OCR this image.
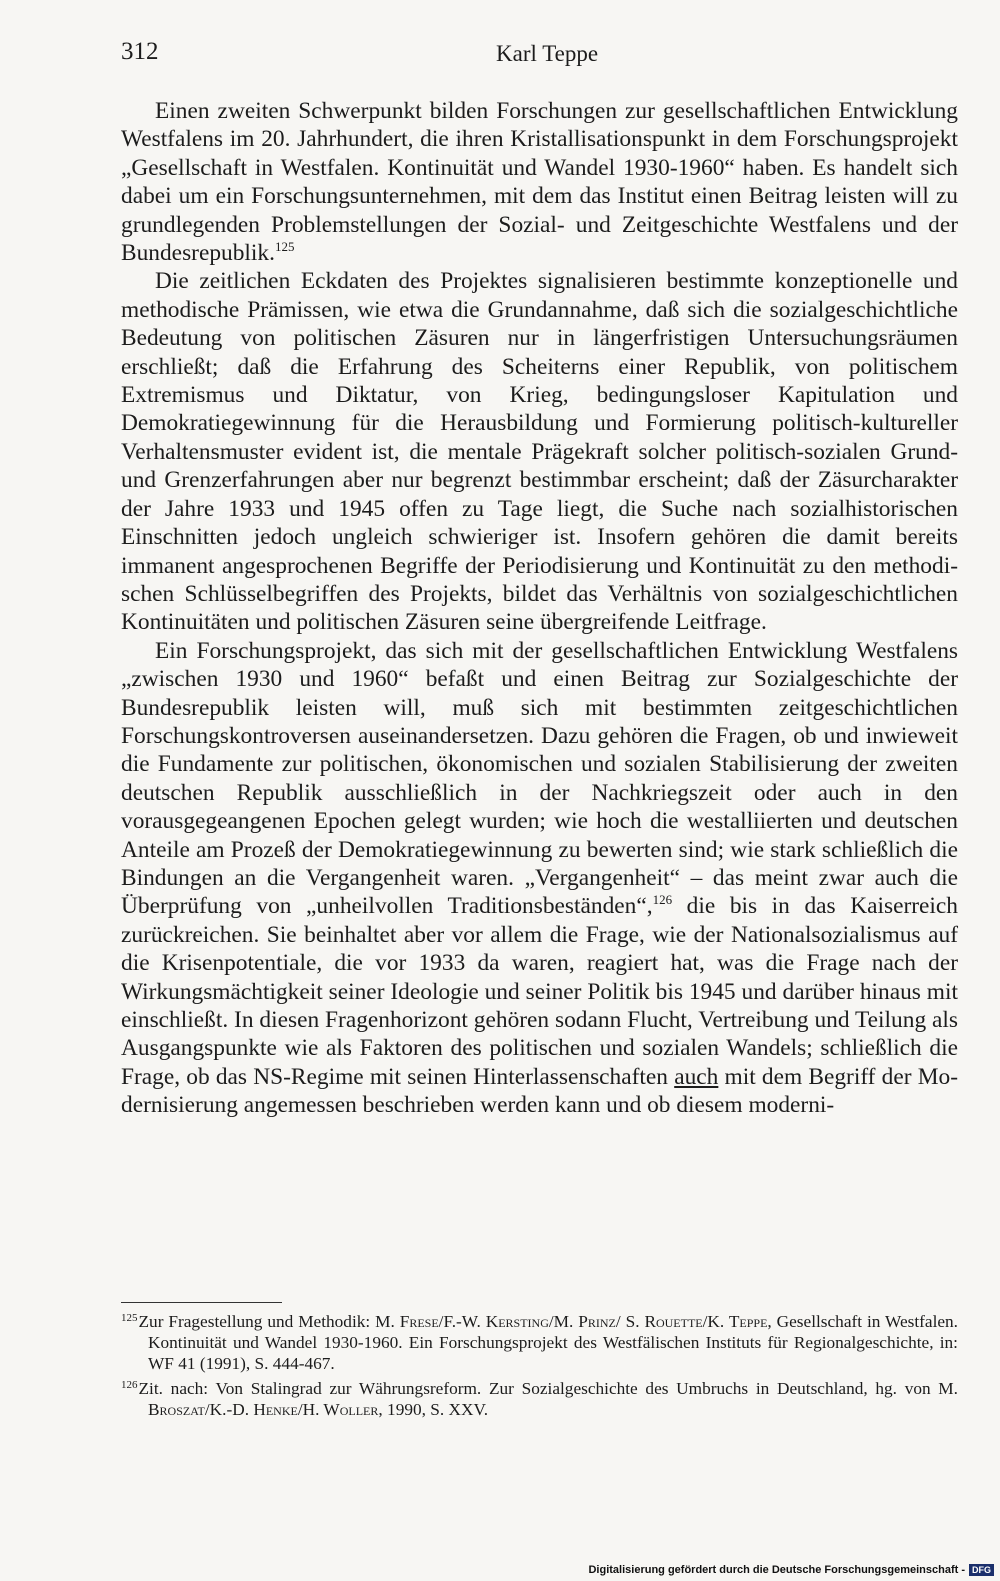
312	Karl Teppe

Einen zweiten Schwerpunkt bilden Forschungen zur gesellschaftlichen Entwicklung Westfalens im 20. Jahrhundert, die ihren Kristallisationspunkt in dem Forschungsprojekt „Gesellschaft in Westfalen. Kontinuität und Wandel 1930-1960“ haben. Es handelt sich dabei um ein Forschungsunternehmen, mit dem das Institut einen Beitrag leisten will zu grundlegenden Problemstellungen der Sozial- und Zeitgeschichte Westfalens und der Bundesrepublik.$^{125}$

Die zeitlichen Eckdaten des Projektes signalisieren bestimmte konzeptionelle und methodische Prämissen, wie etwa die Grundannahme, daß sich die sozialgeschichtliche Bedeutung von politischen Zäsuren nur in längerfristigen Untersuchungsräumen erschließt; daß die Erfahrung des Scheiterns einer Republik, von politischem Extremismus und Diktatur, von Krieg, bedingungsloser Kapitulation und Demokratiegewinnung für die Herausbildung und Formierung politisch-kultureller Verhaltensmuster evident ist, die mentale Prägekraft solcher politisch-sozialen Grund- und Grenzerfahrungen aber nur begrenzt bestimmbar erscheint; daß der Zäsurcharakter der Jahre 1933 und 1945 offen zu Tage liegt, die Suche nach sozialhistorischen Einschnitten jedoch ungleich schwieriger ist. Insofern gehören die damit bereits immanent angesprochenen Begriffe der Periodisierung und Kontinuität zu den methodischen Schlüsselbegriffen des Projekts, bildet das Verhältnis von sozialgeschichtlichen Kontinuitäten und politischen Zäsuren seine übergreifende Leitfrage.

Ein Forschungsprojekt, das sich mit der gesellschaftlichen Entwicklung Westfalens „zwischen 1930 und 1960“ befaßt und einen Beitrag zur Sozialgeschichte der Bundesrepublik leisten will, muß sich mit bestimmten zeitgeschichtlichen Forschungskontroversen auseinandersetzen. Dazu gehören die Fragen, ob und inwieweit die Fundamente zur politischen, ökonomischen und sozialen Stabilisierung der zweiten deutschen Republik ausschließlich in der Nachkriegszeit oder auch in den vorausgegeangenen Epochen gelegt wurden; wie hoch die westalliierten und deutschen Anteile am Prozeß der Demokratiegewinnung zu bewerten sind; wie stark schließlich die Bindungen an die Vergangenheit waren. „Vergangenheit“ – das meint zwar auch die Überprüfung von „unheilvollen Traditionsbeständen“,$^{126}$ die bis in das Kaiserreich zurückreichen. Sie beinhaltet aber vor allem die Frage, wie der Nationalsozialismus auf die Krisenpotentiale, die vor 1933 da waren, reagiert hat, was die Frage nach der Wirkungsmächtigkeit seiner Ideologie und seiner Politik bis 1945 und darüber hinaus mit einschließt. In diesen Fragenhorizont gehören sodann Flucht, Vertreibung und Teilung als Ausgangspunkte wie als Faktoren des politischen und sozialen Wandels; schließlich die Frage, ob das NS-Regime mit seinen Hinterlassenschaften auch mit dem Begriff der Modernisierung angemessen beschrieben werden kann und ob diesem moderni-

$^{125}$Zur Fragestellung und Methodik: M. Frese/F.-W. Kersting/M. Prinz/ S. Rouette/K. Teppe, Gesellschaft in Westfalen. Kontinuität und Wandel 1930-1960. Ein Forschungsprojekt des Westfälischen Instituts für Regionalgeschichte, in: WF 41 (1991), S. 444-467.
$^{126}$Zit. nach: Von Stalingrad zur Währungsreform. Zur Sozialgeschichte des Umbruchs in Deutschland, hg. von M. Broszat/K.-D. Henke/H. Woller, 1990, S. XXV.
Digitalisierung gefördert durch die Deutsche Forschungsgemeinschaft - DFG
